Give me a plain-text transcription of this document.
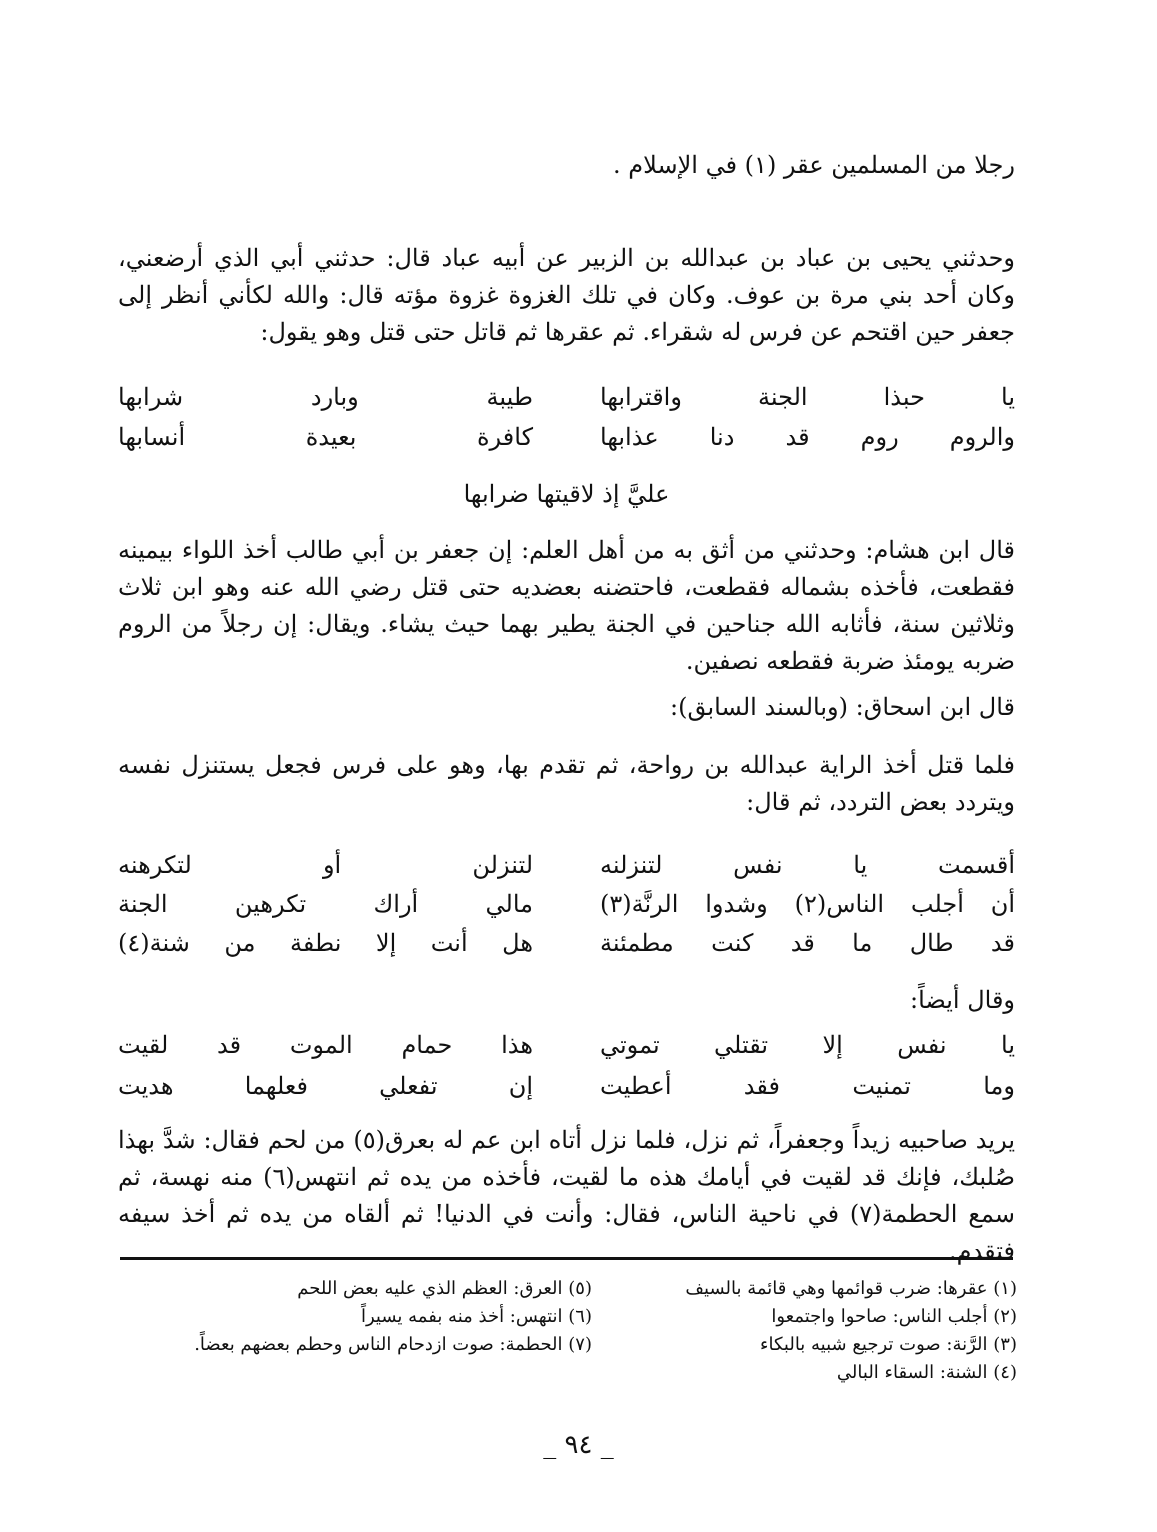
رجلا من المسلمين عقر (١) في الإسلام .
وحدثني يحيى بن عباد بن عبدالله بن الزبير عن أبيه عباد قال: حدثني أبي الذي أرضعني، وكان أحد بني مرة بن عوف. وكان في تلك الغزوة غزوة مؤته قال: والله لكأني أنظر إلى جعفر حين اقتحم عن فرس له شقراء. ثم عقرها ثم قاتل حتى قتل وهو يقول:
يا حبذا الجنة واقترابها
طيبة وبارد شرابها
والروم روم قد دنا عذابها
كافرة بعيدة أنسابها
عليَّ إذ لاقيتها ضرابها
قال ابن هشام: وحدثني من أثق به من أهل العلم: إن جعفر بن أبي طالب أخذ اللواء بيمينه فقطعت، فأخذه بشماله فقطعت، فاحتضنه بعضديه حتى قتل رضي الله عنه وهو ابن ثلاث وثلاثين سنة، فأثابه الله جناحين في الجنة يطير بهما حيث يشاء. ويقال: إن رجلاً من الروم ضربه يومئذ ضربة فقطعه نصفين.
قال ابن اسحاق: (وبالسند السابق):
فلما قتل أخذ الراية عبدالله بن رواحة، ثم تقدم بها، وهو على فرس فجعل يستنزل نفسه ويتردد بعض التردد، ثم قال:
أقسمت يا نفس لتنزلنه
لتنزلن أو لتكرهنه
أن أجلب الناس(٢) وشدوا الرنَّة(٣)
مالي أراك تكرهين الجنة
قد طال ما قد كنت مطمئنة
هل أنت إلا نطفة من شنة(٤)
وقال أيضاً:
يا نفس إلا تقتلي تموتي
هذا حمام الموت قد لقيت
وما تمنيت فقد أعطيت
إن تفعلي فعلهما هديت
يريد صاحبيه زيداً وجعفراً، ثم نزل، فلما نزل أتاه ابن عم له بعرق(٥) من لحم فقال: شدَّ بهذا صُلبك، فإنك قد لقيت في أيامك هذه ما لقيت، فأخذه من يده ثم انتهس(٦) منه نهسة، ثم سمع الحطمة(٧) في ناحية الناس، فقال: وأنت في الدنيا! ثم ألقاه من يده ثم أخذ سيفه فتقدم.
(١) عقرها: ضرب قوائمها وهي قائمة بالسيف
(٢) أجلب الناس: صاحوا واجتمعوا
(٣) الرَّنة: صوت ترجيع شبيه بالبكاء
(٤) الشنة: السقاء البالي
(٥) العرق: العظم الذي عليه بعض اللحم
(٦) انتهس: أخذ منه بفمه يسيراً
(٧) الحطمة: صوت ازدحام الناس وحطم بعضهم بعضاً.
_ ٩٤ _
